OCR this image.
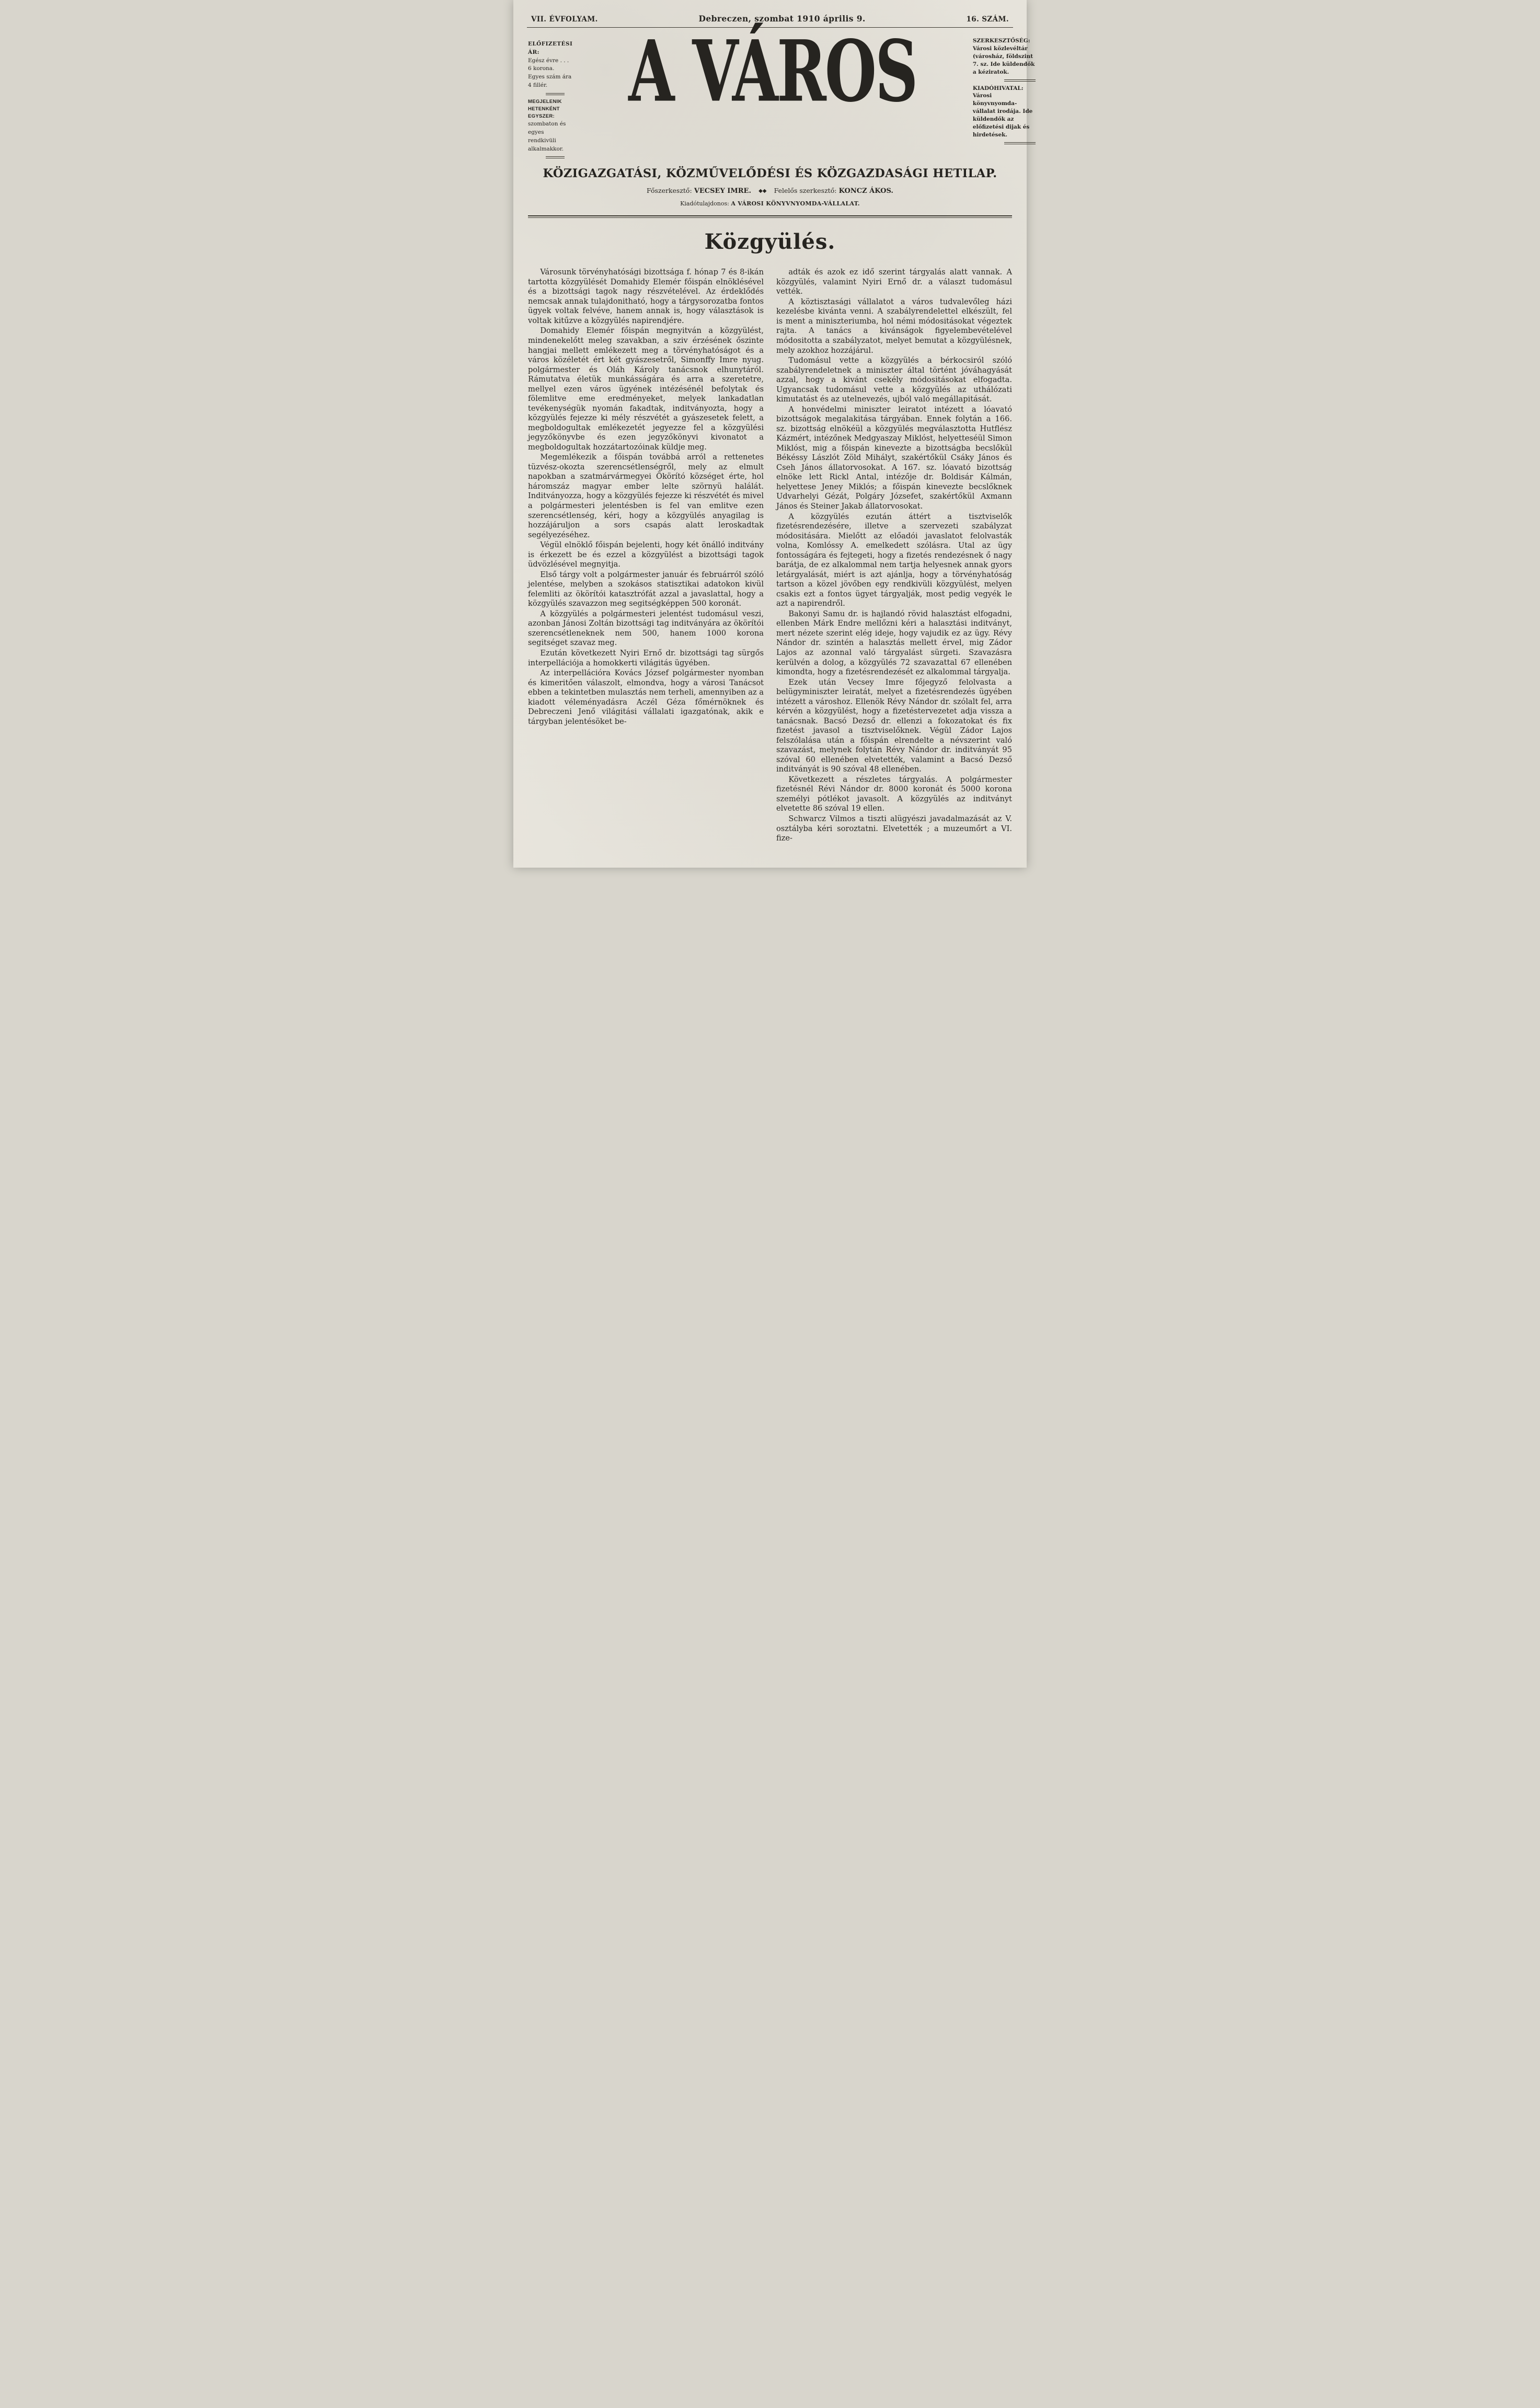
VII. ÉVFOLYAM.	Debreczen, szombat 1910 április 9.	16. SZÁM.
ELŐFIZETÉSI ÁR:
Egész évre . . . 6 korona.
Egyes szám ára 4 fillér.
MEGJELENIK HETENKÉNT EGYSZER:
szombaton és egyes rendkivüli alkalmakkor.
A VÁROS	SZERKESZTŐSÉG:
Városi közlevéltár (városház, földszint 7. sz. Ide küldendők a kéziratok.
KIADÓHIVATAL:
Városi könyvnyomda-vállalat irodája. Ide küldendők az előfizetési dijak és hirdetések.
KÖZIGAZGATÁSI, KÖZMŰVELŐDÉSI ÉS KÖZGAZDASÁGI HETILAP.
Főszerkesztő: VECSEY IMRE. ◆◆ Felelős szerkesztő: KONCZ ÁKOS.
Kiadótulajdonos: A VÁROSI KÖNYVNYOMDA-VÁLLALAT.
Közgyülés.

Városunk törvényhatósági bizottsága f. hónap 7 és 8-ikán tartotta közgyülését Domahidy Elemér főispán elnöklésével és a bizottsági tagok nagy részvételével. Az érdeklődés nemcsak annak tulajdonitható, hogy a tárgysorozatba fontos ügyek voltak felvéve, hanem annak is, hogy választások is voltak kitűzve a közgyülés napirendjére.

Domahidy Elemér főispán megnyitván a közgyülést, mindenekelőtt meleg szavakban, a sziv érzésének őszinte hangjai mellett emlékezett meg a törvényhatóságot és a város közéletét ért két gyászesetről, Simonffy Imre nyug. polgármester és Oláh Károly tanácsnok elhunytáról. Rámutatva életük munkásságára és arra a szeretetre, mellyel ezen város ügyének intézésénél befolytak és fölemlitve eme eredményeket, melyek lankadatlan tevékenységük nyomán fakadtak, inditványozta, hogy a közgyülés fejezze ki mély részvétét a gyászesetek felett, a megboldogultak emlékezetét jegyezze fel a közgyülési jegyzőkönyvbe és ezen jegyzőkönyvi kivonatot a megboldogultak hozzátartozóinak küldje meg.

Megemlékezik a főispán továbbá arról a rettenetes tüzvész-okozta szerencsétlenségről, mely az elmult napokban a szatmárvármegyei Ökörító községet érte, hol háromszáz magyar ember lelte szörnyü halálát. Inditványozza, hogy a közgyülés fejezze ki részvétét és mivel a polgármesteri jelentésben is fel van emlitve ezen szerencsétlenség, kéri, hogy a közgyülés anyagilag is hozzájáruljon a sors csapás alatt leroskadtak segélyezéséhez.

Végül elnöklő főispán bejelenti, hogy két önálló inditvány is érkezett be és ezzel a közgyülést a bizottsági tagok üdvözlésével megnyitja.

Első tárgy volt a polgármester január és februárról szóló jelentése, melyben a szokásos statisztikai adatokon kivül felemliti az ökörítói katasztrófát azzal a javaslattal, hogy a közgyülés szavazzon meg segitségképpen 500 koronát.

A közgyülés a polgármesteri jelentést tudomásul veszi, azonban Jánosi Zoltán bizottsági tag inditványára az ökörítói szerencsétleneknek nem 500, hanem 1000 korona segitséget szavaz meg.

Ezután következett Nyiri Ernő dr. bizottsági tag sürgős interpellációja a homokkerti világitás ügyében.

Az interpellációra Kovács József polgármester nyomban és kimeritően válaszolt, elmondva, hogy a városi Tanácsot ebben a tekintetben mulasztás nem terheli, amennyiben az a kiadott véleményadásra Aczél Géza főmérnöknek és Debreczeni Jenő világitási vállalati igazgatónak, akik e tárgyban jelentésöket be-

adták és azok ez idő szerint tárgyalás alatt vannak. A közgyülés, valamint Nyiri Ernő dr. a választ tudomásul vették.

A köztisztasági vállalatot a város tudvalevőleg házi kezelésbe kivánta venni. A szabályrendelettel elkészült, fel is ment a miniszteriumba, hol némi módositásokat végeztek rajta. A tanács a kivánságok figyelembevételével módositotta a szabályzatot, melyet bemutat a közgyülésnek, mely azokhoz hozzájárul.

Tudomásul vette a közgyülés a bérkocsiról szóló szabályrendeletnek a miniszter által történt jóváhagyását azzal, hogy a kivánt csekély módositásokat elfogadta. Ugyancsak tudomásul vette a közgyülés az uthálózati kimutatást és az utelnevezés, ujból való megállapitását.

A honvédelmi miniszter leiratot intézett a lóavató bizottságok megalakitása tárgyában. Ennek folytán a 166. sz. bizottság elnökéül a közgyülés megválasztotta Hutflész Kázmért, intézőnek Medgyaszay Miklóst, helyetteséül Simon Miklóst, mig a főispán kinevezte a bizottságba becslőkül Békéssy Lászlót Zöld Mihályt, szakértőkül Csáky János és Cseh János állatorvosokat. A 167. sz. lóavató bizottság elnöke lett Rickl Antal, intézője dr. Boldisár Kálmán, helyettese Jeney Miklós; a főispán kinevezte becslőknek Udvarhelyi Gézát, Polgáry Józsefet, szakértőkül Axmann János és Steiner Jakab állatorvosokat.

A közgyülés ezután áttért a tisztviselők fizetésrendezésére, illetve a szervezeti szabályzat módositására. Mielőtt az előadói javaslatot felolvasták volna, Komlóssy A. emelkedett szólásra. Utal az ügy fontosságára és fejtegeti, hogy a fizetés rendezésnek ő nagy barátja, de ez alkalommal nem tartja helyesnek annak gyors letárgyalását, miért is azt ajánlja, hogy a törvényhatóság tartson a közel jövőben egy rendkivüli közgyülést, melyen csakis ezt a fontos ügyet tárgyalják, most pedig vegyék le azt a napirendről.

Bakonyi Samu dr. is hajlandó rövid halasztást elfogadni, ellenben Márk Endre mellőzni kéri a halasztási inditványt, mert nézete szerint elég ideje, hogy vajudik ez az ügy. Révy Nándor dr. szintén a halasztás mellett érvel, mig Zádor Lajos az azonnal való tárgyalást sürgeti. Szavazásra kerülvén a dolog, a közgyülés 72 szavazattal 67 ellenében kimondta, hogy a fizetésrendezését ez alkalommal tárgyalja.

Ezek után Vecsey Imre főjegyző felolvasta a belügyminiszter leiratát, melyet a fizetésrendezés ügyében intézett a városhoz. Ellenök Révy Nándor dr. szólalt fel, arra kérvén a közgyülést, hogy a fizetéstervezetet adja vissza a tanácsnak. Bacsó Dezső dr. ellenzi a fokozatokat és fix fizetést javasol a tisztviselőknek. Végül Zádor Lajos felszólalása után a főispán elrendelte a névszerint való szavazást, melynek folytán Révy Nándor dr. inditványát 95 szóval 60 ellenében elvetették, valamint a Bacsó Dezső inditványát is 90 szóval 48 ellenében.

Következett a részletes tárgyalás. A polgármester fizetésnél Révi Nándor dr. 8000 koronát és 5000 korona személyi pótlékot javasolt. A közgyülés az inditványt elvetette 86 szóval 19 ellen.

Schwarcz Vilmos a tiszti alügyészi javadalmazását az V. osztályba kéri soroztatni. Elvetették ; a muzeumőrt a VI. fize-
